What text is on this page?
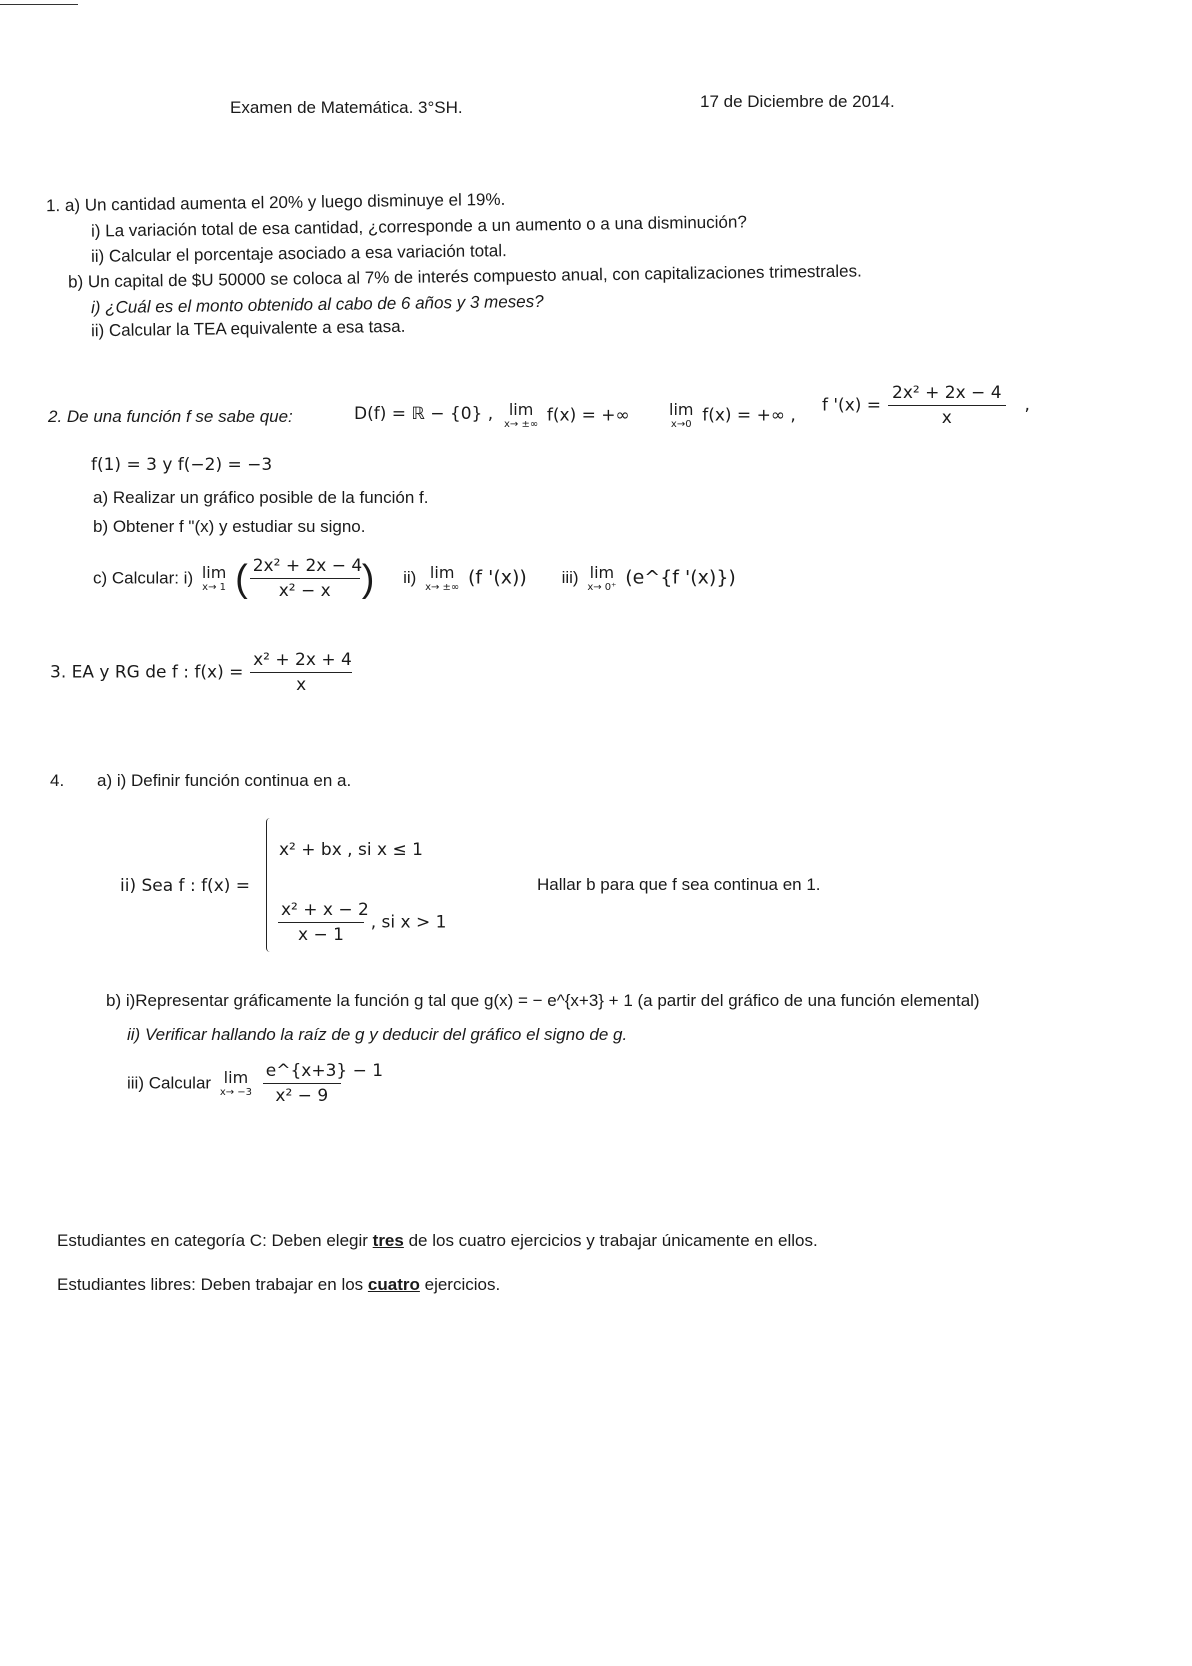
Examen de Matemática. 3°SH.	17 de Diciembre de 2014.
1. a) Un cantidad aumenta el 20% y luego disminuye el 19%.
i) La variación total de esa cantidad, ¿corresponde a un aumento o a una disminución?
ii) Calcular el porcentaje asociado a esa variación total.
b) Un capital de $U 50000 se coloca al 7% de interés compuesto anual, con capitalizaciones trimestrales.
i) ¿Cuál es el monto obtenido al cabo de 6 años y 3 meses?
ii) Calcular la TEA equivalente a esa tasa.
2. De una función f se sabe que:	D(f) = ℝ − {0} , lim
x→ ±∞ f(x) = +∞ lim
x→0 f(x) = +∞ , f '$(x) = \frac{\text{2x² + 2x − 4}}{x}$ ,
f(1) = 3 y f(−2) = −3
a) Realizar un gráfico posible de la función f.
b) Obtener f "(x) y estudiar su signo.
c) Calcular: i) lim
x→ 1 ( $\frac{\text{2x² + 2x − 4}}{\text{x² − x}}$ ) ii) lim
x→ ±∞ (f '(x)) iii) lim
x→ 0⁺ (e^{f '(x)})
3. EA y RG de f : $f(x) = \frac{\text{x² + 2x + 4}}{x}$
4. a) i) Definir función continua en a.
ii) Sea f : f(x) =
x² + bx , si x ≤ 1
$\frac{\text{x² + x − 2}}{x - 1}$ , si x > 1
Hallar b para que f sea continua en 1.
b) i)Representar gráficamente la función g tal que g(x) = − e^{x+3} + 1 (a partir del gráfico de una función elemental)
ii) Verificar hallando la raíz de g y deducir del gráfico el signo de g.
iii) Calcular lim
x→ −3
$\frac{e\^{}\{x+3\} - 1}{\text{x² − 9}}$
Estudiantes en categoría C: Deben elegir tres de los cuatro ejercicios y trabajar únicamente en ellos.
Estudiantes libres: Deben trabajar en los cuatro ejercicios.
